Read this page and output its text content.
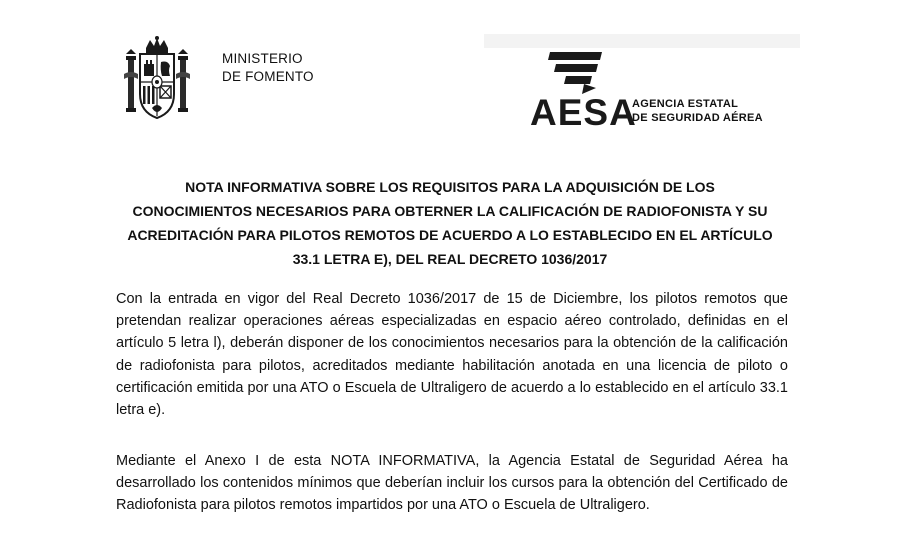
MINISTERIO
DE FOMENTO
AESA
AGENCIA ESTATAL
DE SEGURIDAD AÉREA
NOTA INFORMATIVA SOBRE LOS REQUISITOS PARA LA ADQUISICIÓN DE LOS
CONOCIMIENTOS NECESARIOS PARA OBTERNER LA CALIFICACIÓN DE RADIOFONISTA Y SU
ACREDITACIÓN PARA PILOTOS REMOTOS DE ACUERDO A LO ESTABLECIDO EN EL ARTÍCULO
33.1 LETRA E), DEL REAL DECRETO 1036/2017

Con la entrada en vigor del Real Decreto 1036/2017 de 15 de Diciembre, los pilotos remotos que pretendan realizar operaciones aéreas especializadas en espacio aéreo controlado, definidas en el artículo 5 letra l), deberán disponer de los conocimientos necesarios para la obtención de la calificación de radiofonista para pilotos, acreditados mediante habilitación anotada en una licencia de piloto o certificación emitida por una ATO o Escuela de Ultraligero de acuerdo a lo establecido en el artículo 33.1 letra e).

Mediante el Anexo I de esta NOTA INFORMATIVA, la Agencia Estatal de Seguridad Aérea ha desarrollado los contenidos mínimos que deberían incluir los cursos para la obtención del Certificado de Radiofonista para pilotos remotos impartidos por una ATO o Escuela de Ultraligero.
